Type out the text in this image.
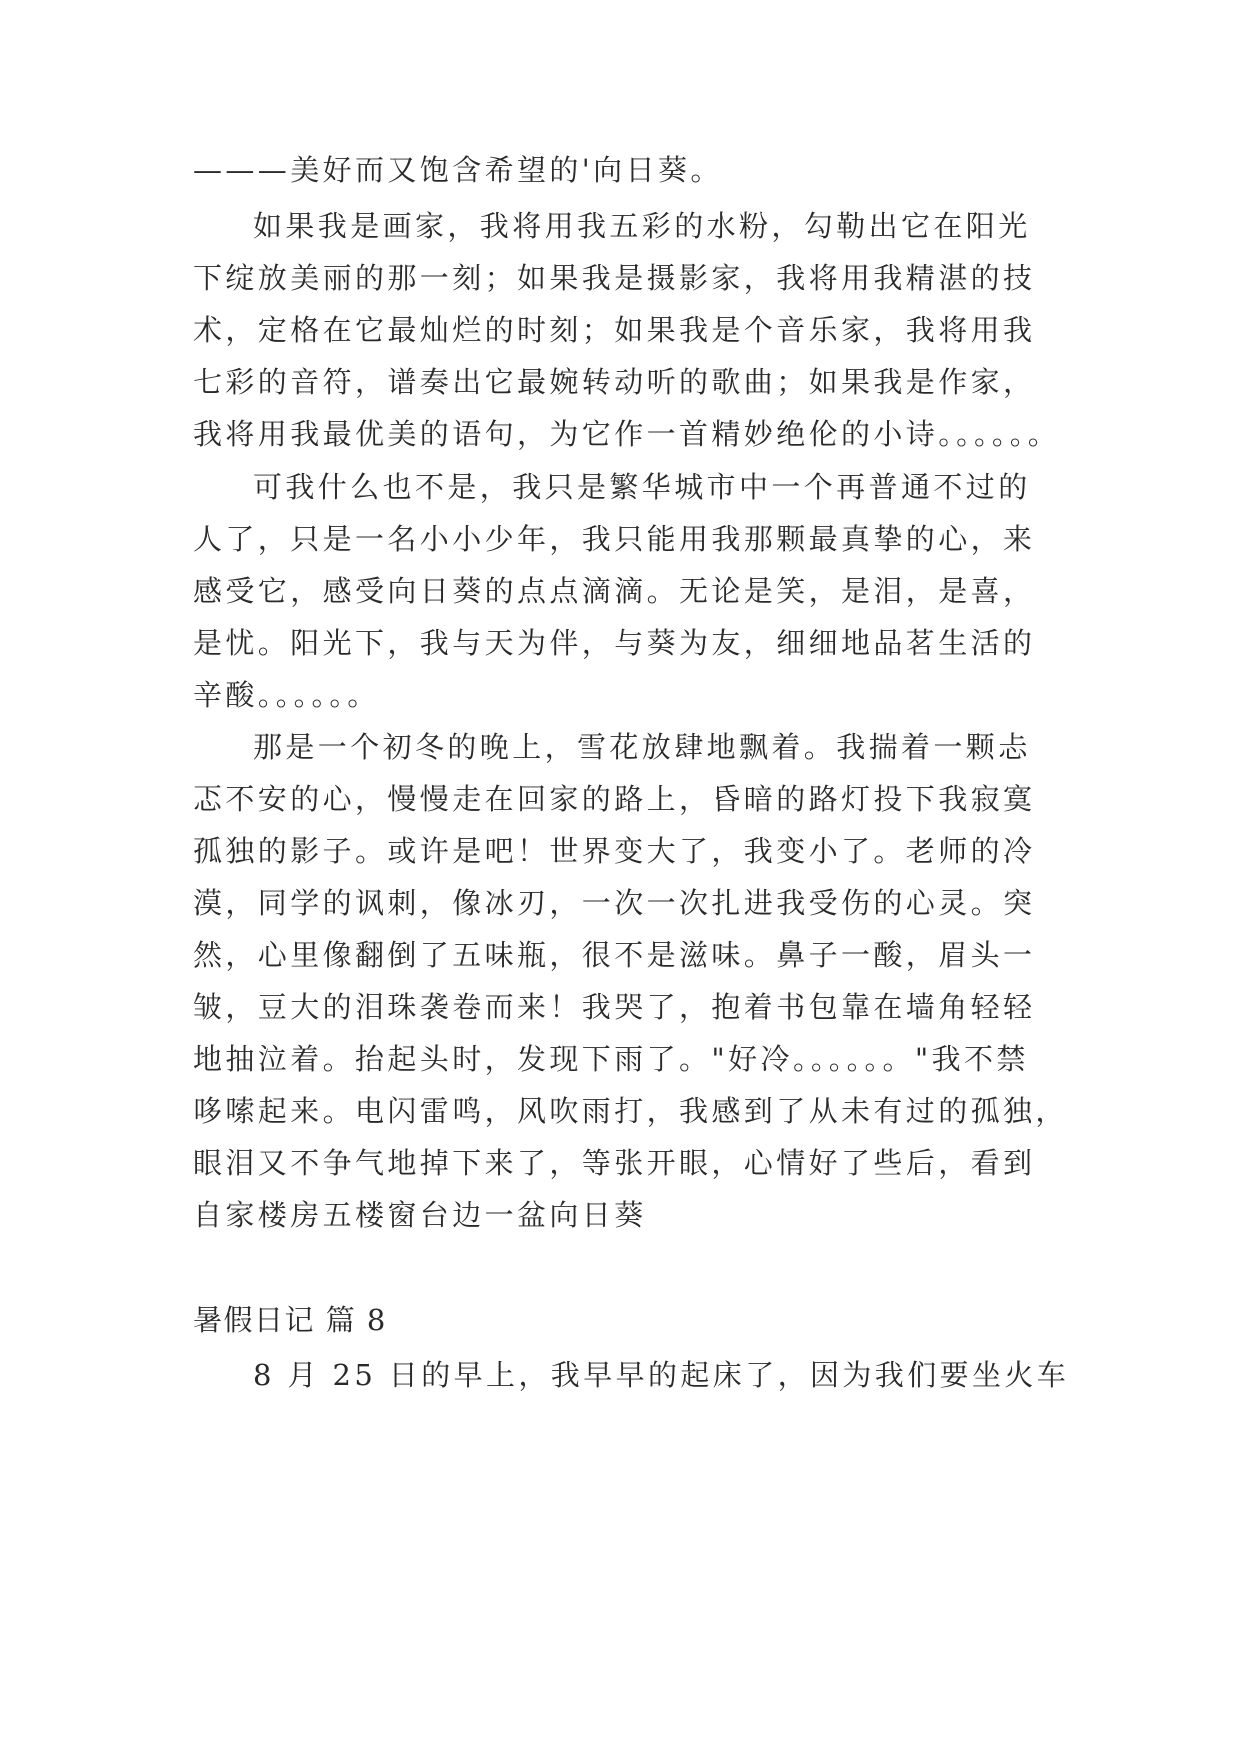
———美好而又饱含希望的'向日葵。
如果我是画家，我将用我五彩的水粉，勾勒出它在阳光
下绽放美丽的那一刻；如果我是摄影家，我将用我精湛的技
术，定格在它最灿烂的时刻；如果我是个音乐家，我将用我
七彩的音符，谱奏出它最婉转动听的歌曲；如果我是作家，
我将用我最优美的语句，为它作一首精妙绝伦的小诗。。。。。。
可我什么也不是，我只是繁华城市中一个再普通不过的
人了，只是一名小小少年，我只能用我那颗最真挚的心，来
感受它，感受向日葵的点点滴滴。无论是笑，是泪，是喜，
是忧。阳光下，我与天为伴，与葵为友，细细地品茗生活的
辛酸。。。。。。
那是一个初冬的晚上，雪花放肆地飘着。我揣着一颗忐
忑不安的心，慢慢走在回家的路上，昏暗的路灯投下我寂寞
孤独的影子。或许是吧！世界变大了，我变小了。老师的冷
漠，同学的讽刺，像冰刃，一次一次扎进我受伤的心灵。突
然，心里像翻倒了五味瓶，很不是滋味。鼻子一酸，眉头一
皱，豆大的泪珠袭卷而来！我哭了，抱着书包靠在墙角轻轻
地抽泣着。抬起头时，发现下雨了。"好冷。。。。。。"我不禁
哆嗦起来。电闪雷鸣，风吹雨打，我感到了从未有过的孤独，
眼泪又不争气地掉下来了，等张开眼，心情好了些后，看到
自家楼房五楼窗台边一盆向日葵
暑假日记 篇 8
8 月 25 日的早上，我早早的起床了，因为我们要坐火车
